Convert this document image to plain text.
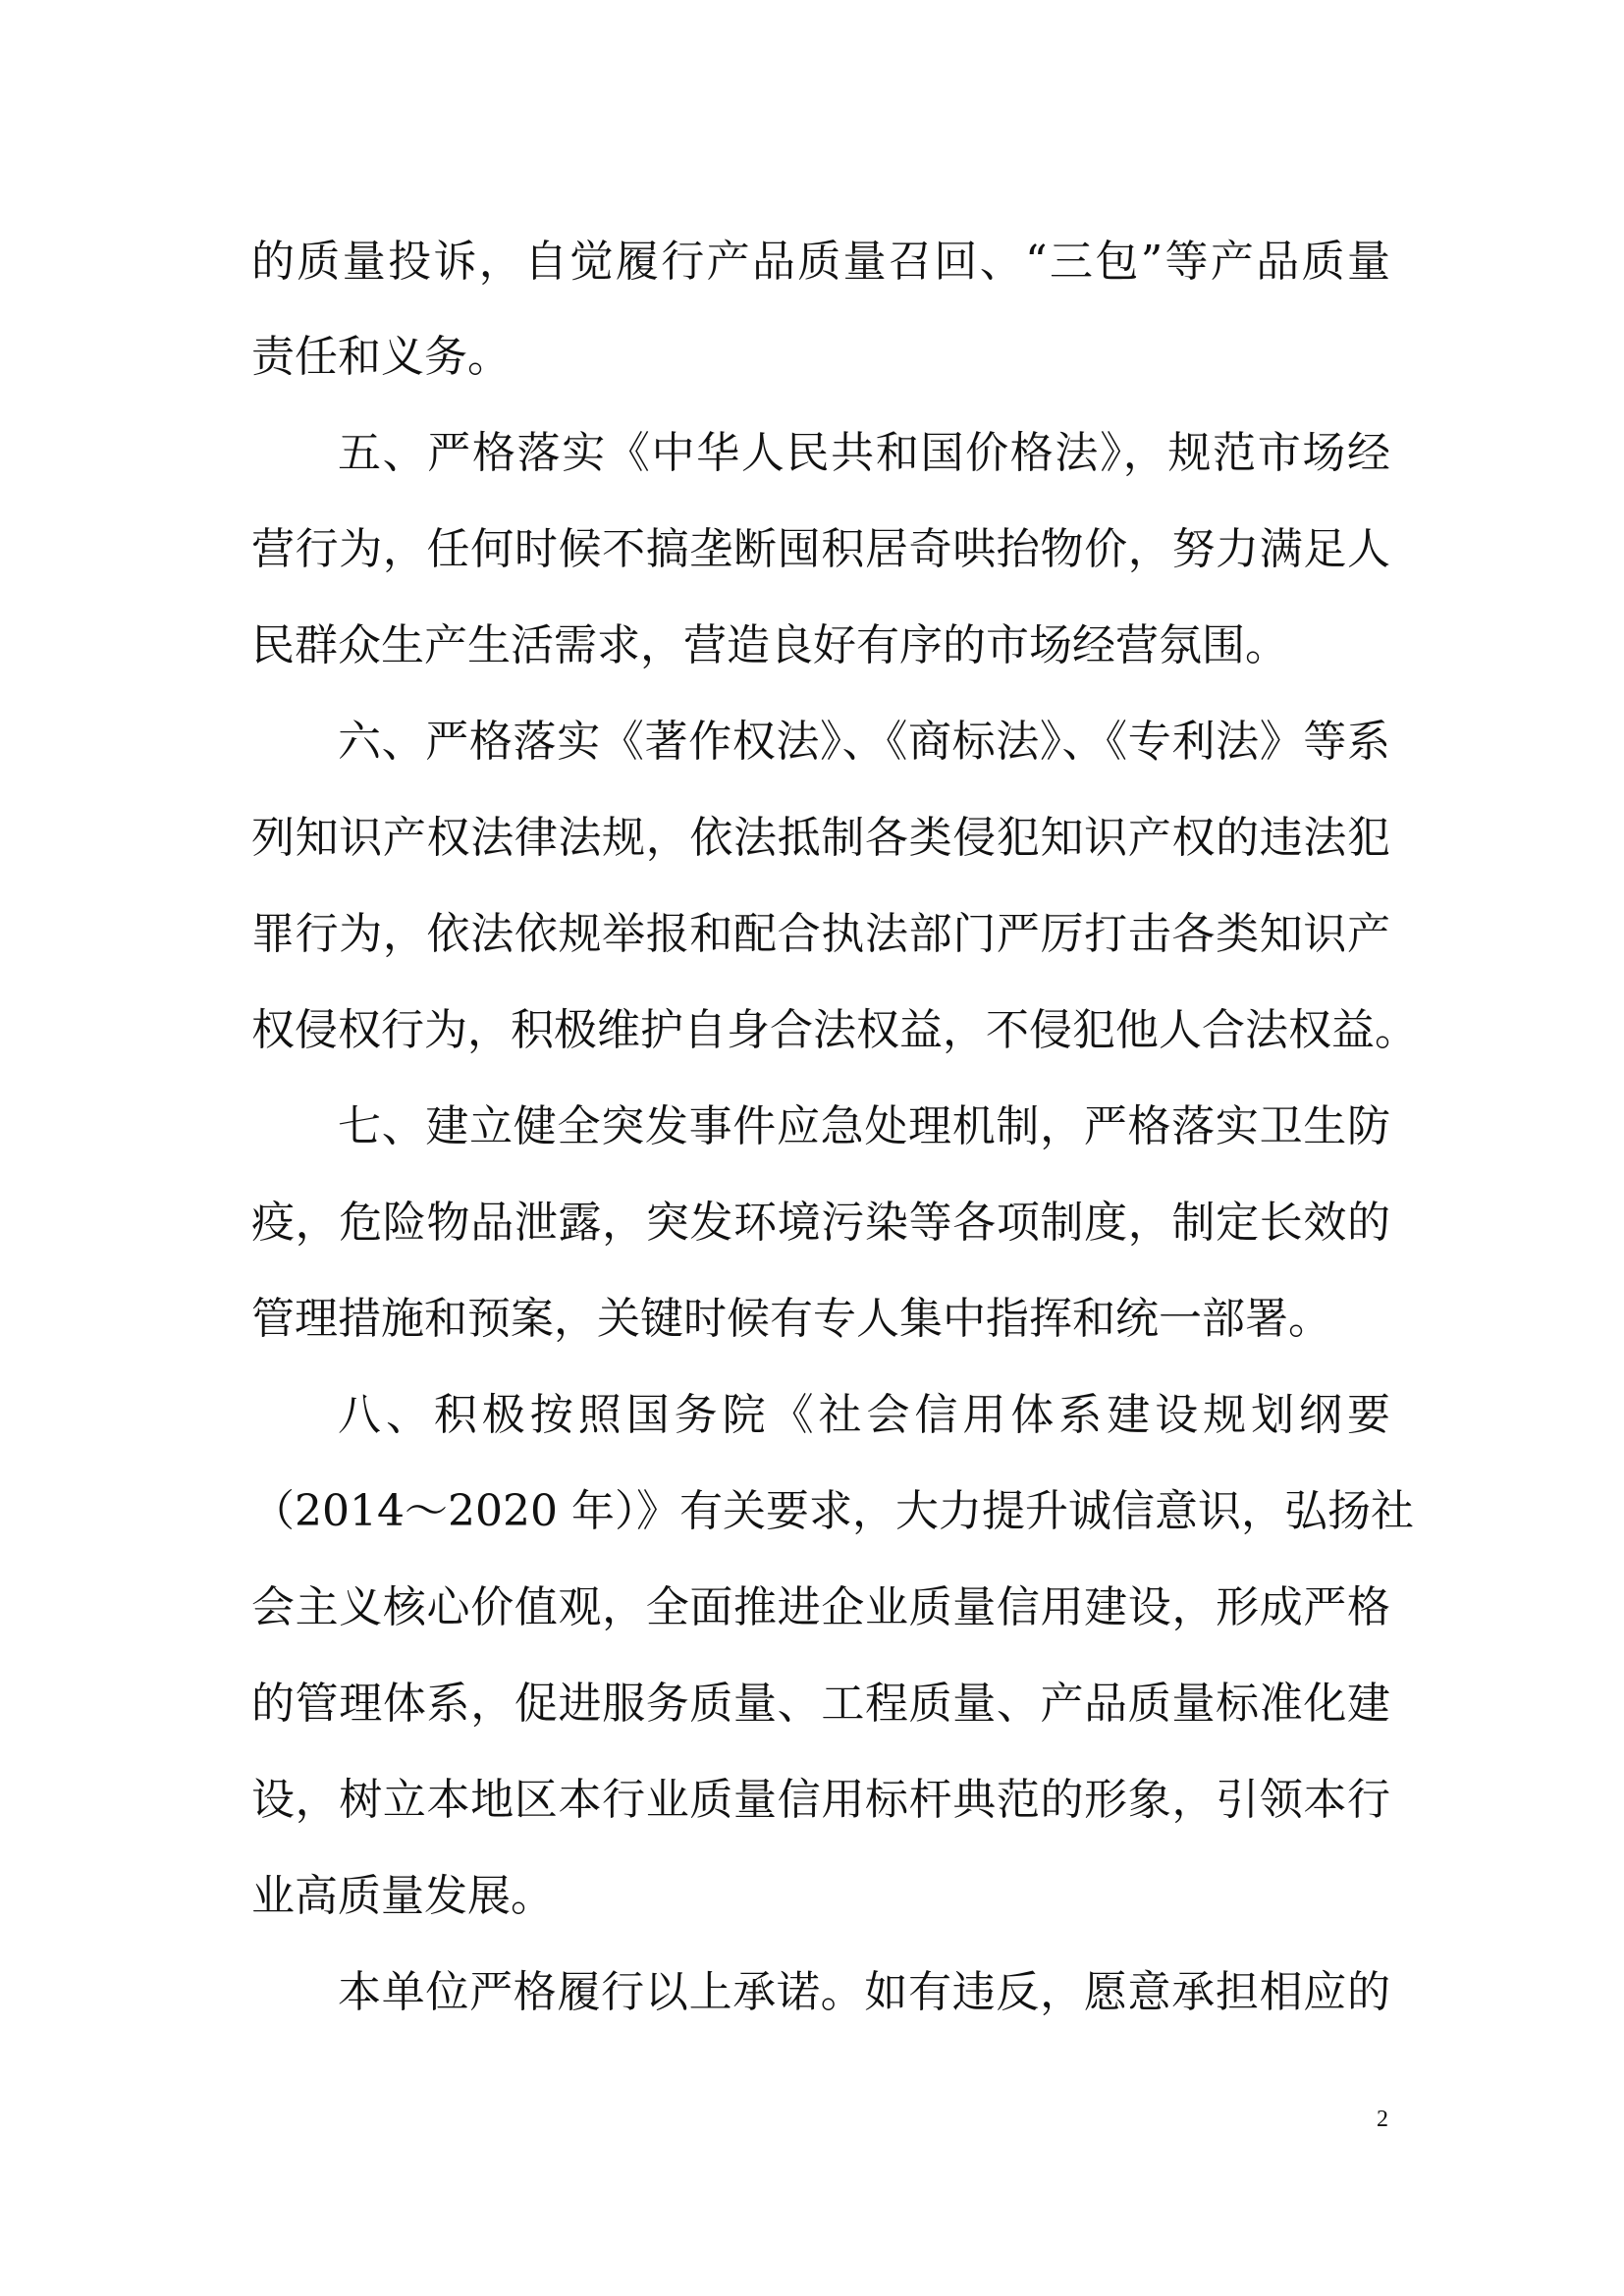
的质量投诉，自觉履行产品质量召回、“三包”等产品质量
责任和义务。
五、严格落实《中华人民共和国价格法》，规范市场经
营行为，任何时候不搞垄断囤积居奇哄抬物价，努力满足人
民群众生产生活需求，营造良好有序的市场经营氛围。
六、严格落实《著作权法》、《商标法》、《专利法》等系
列知识产权法律法规，依法抵制各类侵犯知识产权的违法犯
罪行为，依法依规举报和配合执法部门严厉打击各类知识产
权侵权行为，积极维护自身合法权益，不侵犯他人合法权益。
七、建立健全突发事件应急处理机制，严格落实卫生防
疫，危险物品泄露，突发环境污染等各项制度，制定长效的
管理措施和预案，关键时候有专人集中指挥和统一部署。
八、积极按照国务院《社会信用体系建设规划纲要
（2014～2020 年）》有关要求，大力提升诚信意识，弘扬社
会主义核心价值观，全面推进企业质量信用建设，形成严格
的管理体系，促进服务质量、工程质量、产品质量标准化建
设，树立本地区本行业质量信用标杆典范的形象，引领本行
业高质量发展。
本单位严格履行以上承诺。如有违反，愿意承担相应的
2
